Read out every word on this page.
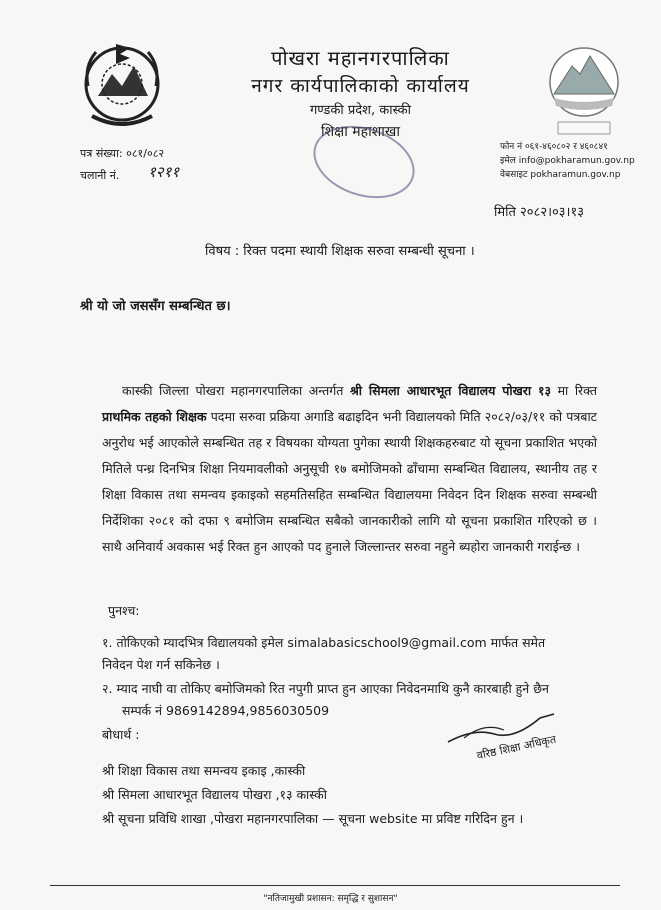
पोखरा महानगरपालिका
नगर कार्यपालिकाको कार्यालय
गण्डकी प्रदेश, कास्की
शिक्षा महाशाखा
पत्र संख्या: ०८१/०८२
चलानी नं. १२११
फोन नं ०६१-४६०८०२ र ४६०८४१
इमेल info@pokharamun.gov.np
वेबसाइट pokharamun.gov.np
मिति २०८२।०३।१३
विषय : रिक्त पदमा स्थायी शिक्षक सरुवा सम्बन्धी सूचना ।
श्री यो जो जससँग सम्बन्धित छ।
कास्की जिल्ला पोखरा महानगरपालिका अन्तर्गत श्री सिमला आधारभूत विद्यालय पोखरा १३ मा रिक्त प्राथमिक तहको शिक्षक पदमा सरुवा प्रक्रिया अगाडि बढाइदिन भनी विद्यालयको मिति २०८२/०३/११ को पत्रबाट अनुरोध भई आएकोले सम्बन्धित तह र विषयका योग्यता पुगेका स्थायी शिक्षकहरुबाट यो सूचना प्रकाशित भएको मितिले पन्ध्र दिनभित्र शिक्षा नियमावलीको अनुसूची १७ बमोजिमको ढाँचामा सम्बन्धित विद्यालय, स्थानीय तह र शिक्षा विकास तथा समन्वय इकाइको सहमतिसहित सम्बन्धित विद्यालयमा निवेदन दिन शिक्षक सरुवा सम्बन्धी निर्देशिका २०८१ को दफा ९ बमोजिम सम्बन्धित सबैको जानकारीको लागि यो सूचना प्रकाशित गरिएको छ । साथै अनिवार्य अवकास भई रिक्त हुन आएको पद हुनाले जिल्लान्तर सरुवा नहुने ब्यहोरा जानकारी गराईन्छ ।
पुनश्च:
१. तोकिएको म्यादभित्र विद्यालयको इमेल simalabasicschool9@gmail.com मार्फत समेत
निवेदन पेश गर्न सकिनेछ ।
२. म्याद नाघी वा तोकिए बमोजिमको रित नपुगी प्राप्त हुन आएका निवेदनमाथि कुनै कारबाही हुने छैन
सम्पर्क नं 9869142894,9856030509
बोधार्थ :
श्री शिक्षा विकास तथा समन्वय इकाइ ,कास्की
श्री सिमला आधारभूत विद्यालय पोखरा ,१३ कास्की
श्री सूचना प्रविधि शाखा ,पोखरा महानगरपालिका — सूचना website मा प्रविष्ट गरिदिन हुन ।
वरिष्ठ शिक्षा अधिकृत
"नतिजामुखी प्रशासन: समृद्धि र सुशासन"
